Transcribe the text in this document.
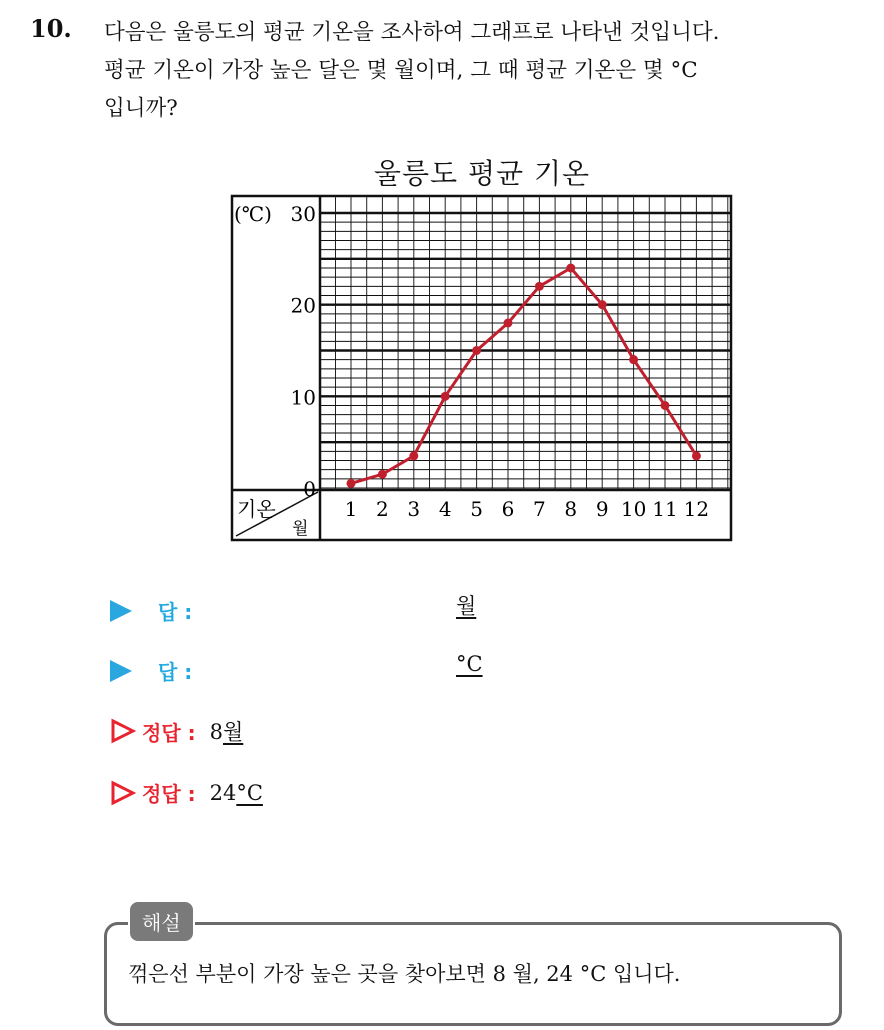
10. 다음은 울릉도의 평균 기온을 조사하여 그래프로 나타낸 것입니다.
평균 기온이 가장 높은 달은 몇 월이며, 그 때 평균 기온은 몇 °C
입니까?
울릉도 평균 기온
0
10
20
30
1 2 3 4 5 6 7 8 9 10 11 12
(℃)
기온
월
답 :	월
답 :	°C
정답 : 8월
정답 : 24°C
해설
꺾은선 부분이 가장 높은 곳을 찾아보면 8 월, 24 °C 입니다.
